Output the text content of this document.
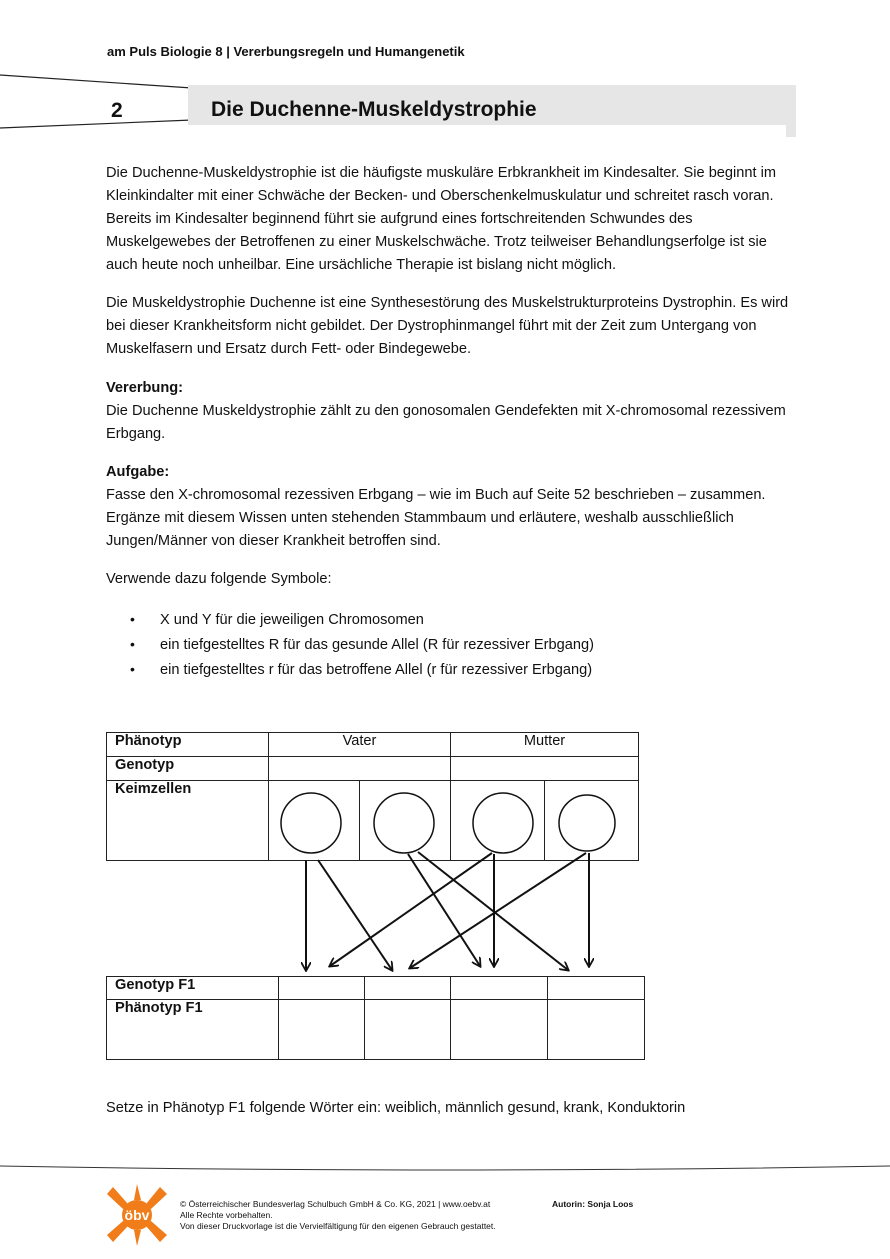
am Puls Biologie 8 | Vererbungsregeln und Humangenetik
2	Die Duchenne-Muskeldystrophie

Die Duchenne-Muskeldystrophie ist die häufigste muskuläre Erbkrankheit im Kindesalter. Sie beginnt im Kleinkindalter mit einer Schwäche der Becken- und Oberschenkelmuskulatur und schreitet rasch voran. Bereits im Kindesalter beginnend führt sie aufgrund eines fortschreitenden Schwundes des Muskelgewebes der Betroffenen zu einer Muskelschwäche. Trotz teilweiser Behandlungserfolge ist sie auch heute noch unheilbar. Eine ursächliche Therapie ist bislang nicht möglich.

Die Muskeldystrophie Duchenne ist eine Synthesestörung des Muskelstrukturproteins Dystrophin. Es wird bei dieser Krankheitsform nicht gebildet. Der Dystrophinmangel führt mit der Zeit zum Untergang von Muskelfasern und Ersatz durch Fett- oder Bindegewebe.

Vererbung:

Die Duchenne Muskeldystrophie zählt zu den gonosomalen Gendefekten mit X-chromosomal rezessivem Erbgang.

Aufgabe:

Fasse den X-chromosomal rezessiven Erbgang – wie im Buch auf Seite 52 beschrieben – zusammen. Ergänze mit diesem Wissen unten stehenden Stammbaum und erläutere, weshalb ausschließlich Jungen/Männer von dieser Krankheit betroffen sind.

Verwende dazu folgende Symbole:
•	X und Y für die jeweiligen Chromosomen
•	ein tiefgestelltes R für das gesunde Allel (R für rezessiver Erbgang)
•	ein tiefgestelltes r für das betroffene Allel (r für rezessiver Erbgang)
Phänotyp	Vater		Mutter	
Genotyp				
Keimzellen				
Genotyp F1				
Phänotyp F1				
Setze in Phänotyp F1 folgende Wörter ein: weiblich, männlich gesund, krank, Konduktorin
öbv
© Österreichischer Bundesverlag Schulbuch GmbH & Co. KG, 2021 | www.oebv.at
Alle Rechte vorbehalten.
Von dieser Druckvorlage ist die Vervielfältigung für den eigenen Gebrauch gestattet.
Autorin: Sonja Loos
